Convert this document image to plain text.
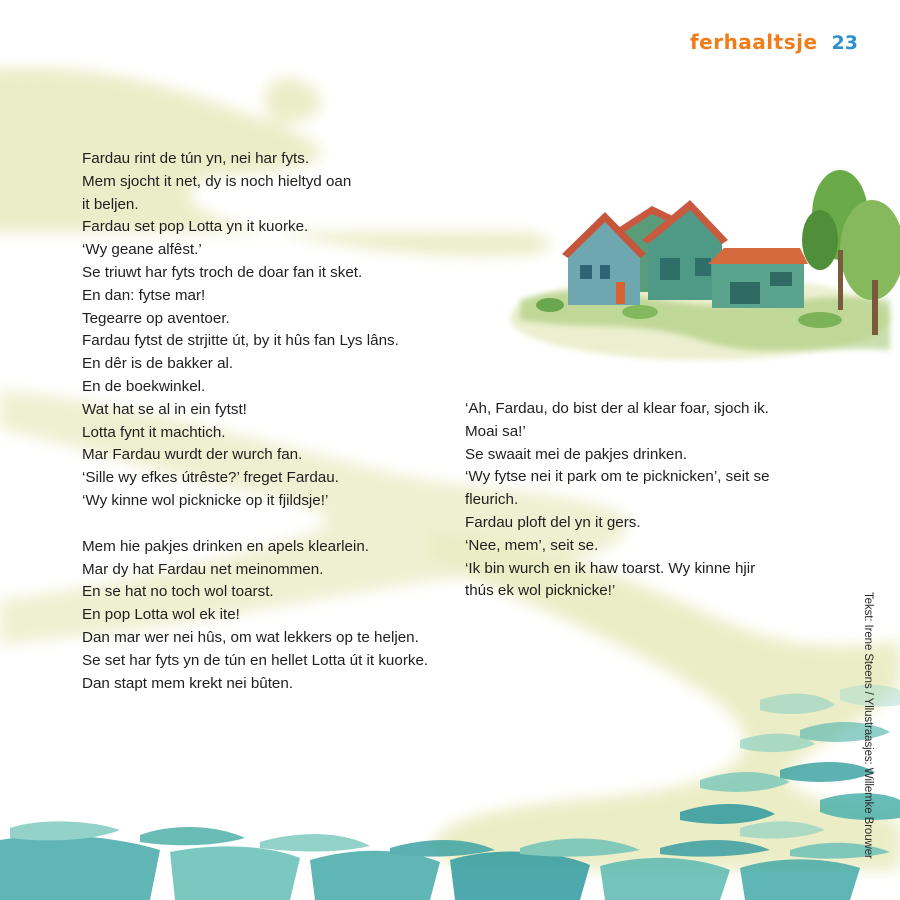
ferhaaltsje 23

Fardau rint de tún yn, nei har fyts.

Mem sjocht it net, dy is noch hieltyd oan

it beljen.

Fardau set pop Lotta yn it kuorke.

‘Wy geane alfêst.’

Se triuwt har fyts troch de doar fan it sket.

En dan: fytse mar!

Tegearre op aventoer.

Fardau fytst de strjitte út, by it hûs fan Lys lâns.

En dêr is de bakker al.

En de boekwinkel.

Wat hat se al in ein fytst!

Lotta fynt it machtich.

Mar Fardau wurdt der wurch fan.

‘Sille wy efkes útrêste?’ freget Fardau.

‘Wy kinne wol picknicke op it fjildsje!’

Mem hie pakjes drinken en apels klearlein.

Mar dy hat Fardau net meinommen.

En se hat no toch wol toarst.

En pop Lotta wol ek ite!

Dan mar wer nei hûs, om wat lekkers op te heljen.

Se set har fyts yn de tún en hellet Lotta út it kuorke.

Dan stapt mem krekt nei bûten.

‘Ah, Fardau, do bist der al klear foar, sjoch ik.

Moai sa!’

Se swaait mei de pakjes drinken.

‘Wy fytse nei it park om te picknicken’, seit se

fleurich.

Fardau ploft del yn it gers.

‘Nee, mem’, seit se.

‘Ik bin wurch en ik haw toarst. Wy kinne hjir

thús ek wol picknicke!’

Tekst: Irene Steens / Yllustraasjes: Willemke Brouwer
